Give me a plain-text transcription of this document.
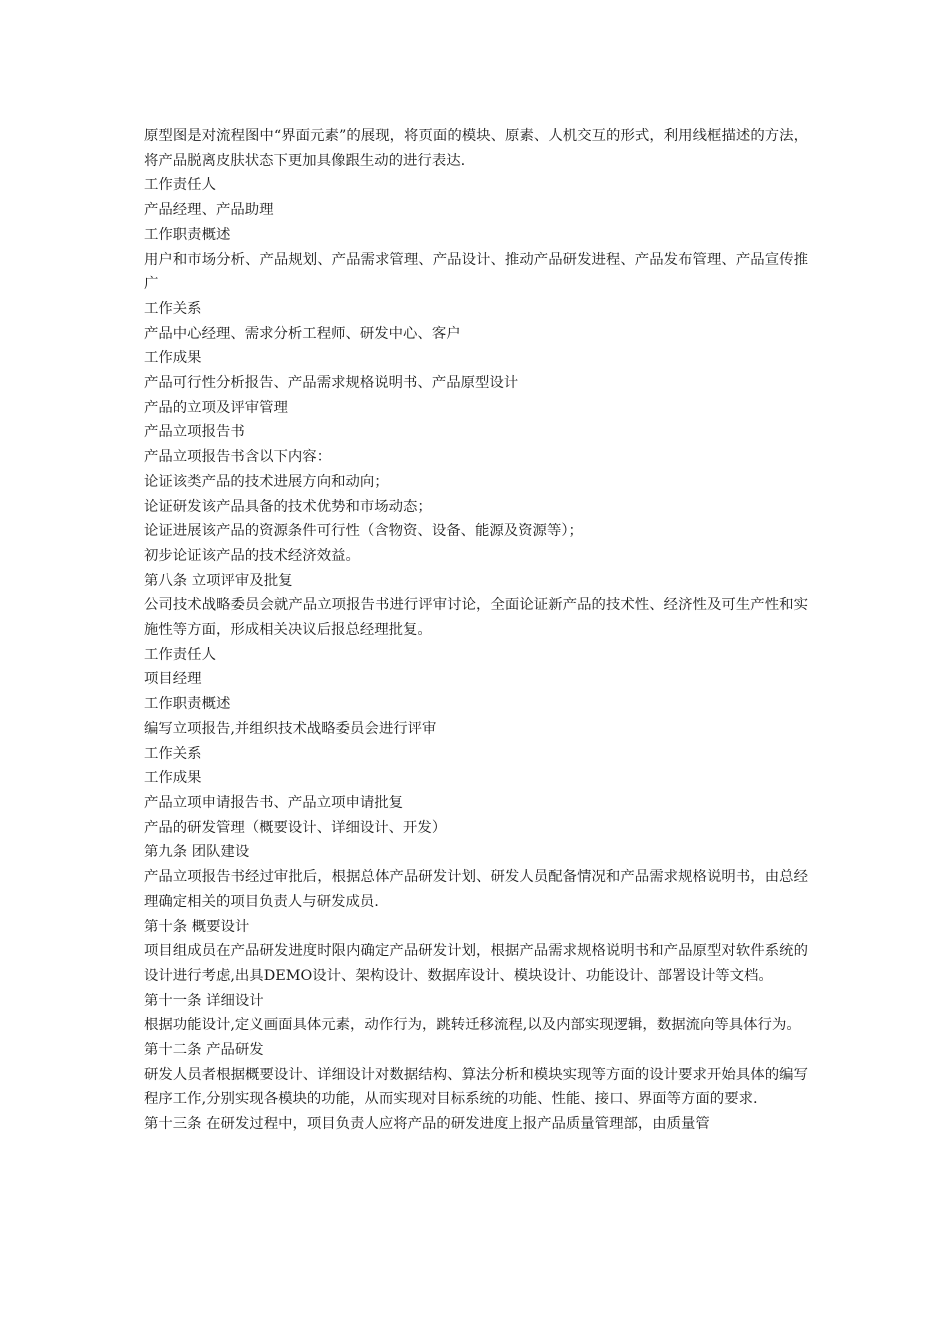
原型图是对流程图中“界面元素”的展现，将页面的模块、原素、人机交互的形式，利用线框描述的方法，将产品脱离皮肤状态下更加具像跟生动的进行表达.

工作责任人

产品经理、产品助理

工作职责概述

用户和市场分析、产品规划、产品需求管理、产品设计、推动产品研发进程、产品发布管理、产品宣传推广

工作关系

产品中心经理、需求分析工程师、研发中心、客户

工作成果

产品可行性分析报告、产品需求规格说明书、产品原型设计

产品的立项及评审管理

产品立项报告书

产品立项报告书含以下内容：

论证该类产品的技术进展方向和动向；

论证研发该产品具备的技术优势和市场动态；

论证进展该产品的资源条件可行性（含物资、设备、能源及资源等）；

初步论证该产品的技术经济效益。

第八条 立项评审及批复

公司技术战略委员会就产品立项报告书进行评审讨论，全面论证新产品的技术性、经济性及可生产性和实施性等方面，形成相关决议后报总经理批复。

工作责任人

项目经理

工作职责概述

编写立项报告,并组织技术战略委员会进行评审

工作关系

工作成果

产品立项申请报告书、产品立项申请批复

产品的研发管理（概要设计、详细设计、开发）

第九条 团队建设

产品立项报告书经过审批后，根据总体产品研发计划、研发人员配备情况和产品需求规格说明书，由总经理确定相关的项目负责人与研发成员.

第十条 概要设计

项目组成员在产品研发进度时限内确定产品研发计划，根据产品需求规格说明书和产品原型对软件系统的设计进行考虑,出具DEMO设计、架构设计、数据库设计、模块设计、功能设计、部署设计等文档。

第十一条 详细设计

根据功能设计,定义画面具体元素，动作行为，跳转迁移流程,以及内部实现逻辑，数据流向等具体行为。

第十二条 产品研发

研发人员者根据概要设计、详细设计对数据结构、算法分析和模块实现等方面的设计要求开始具体的编写程序工作,分别实现各模块的功能，从而实现对目标系统的功能、性能、接口、界面等方面的要求.

第十三条 在研发过程中，项目负责人应将产品的研发进度上报产品质量管理部，由质量管
